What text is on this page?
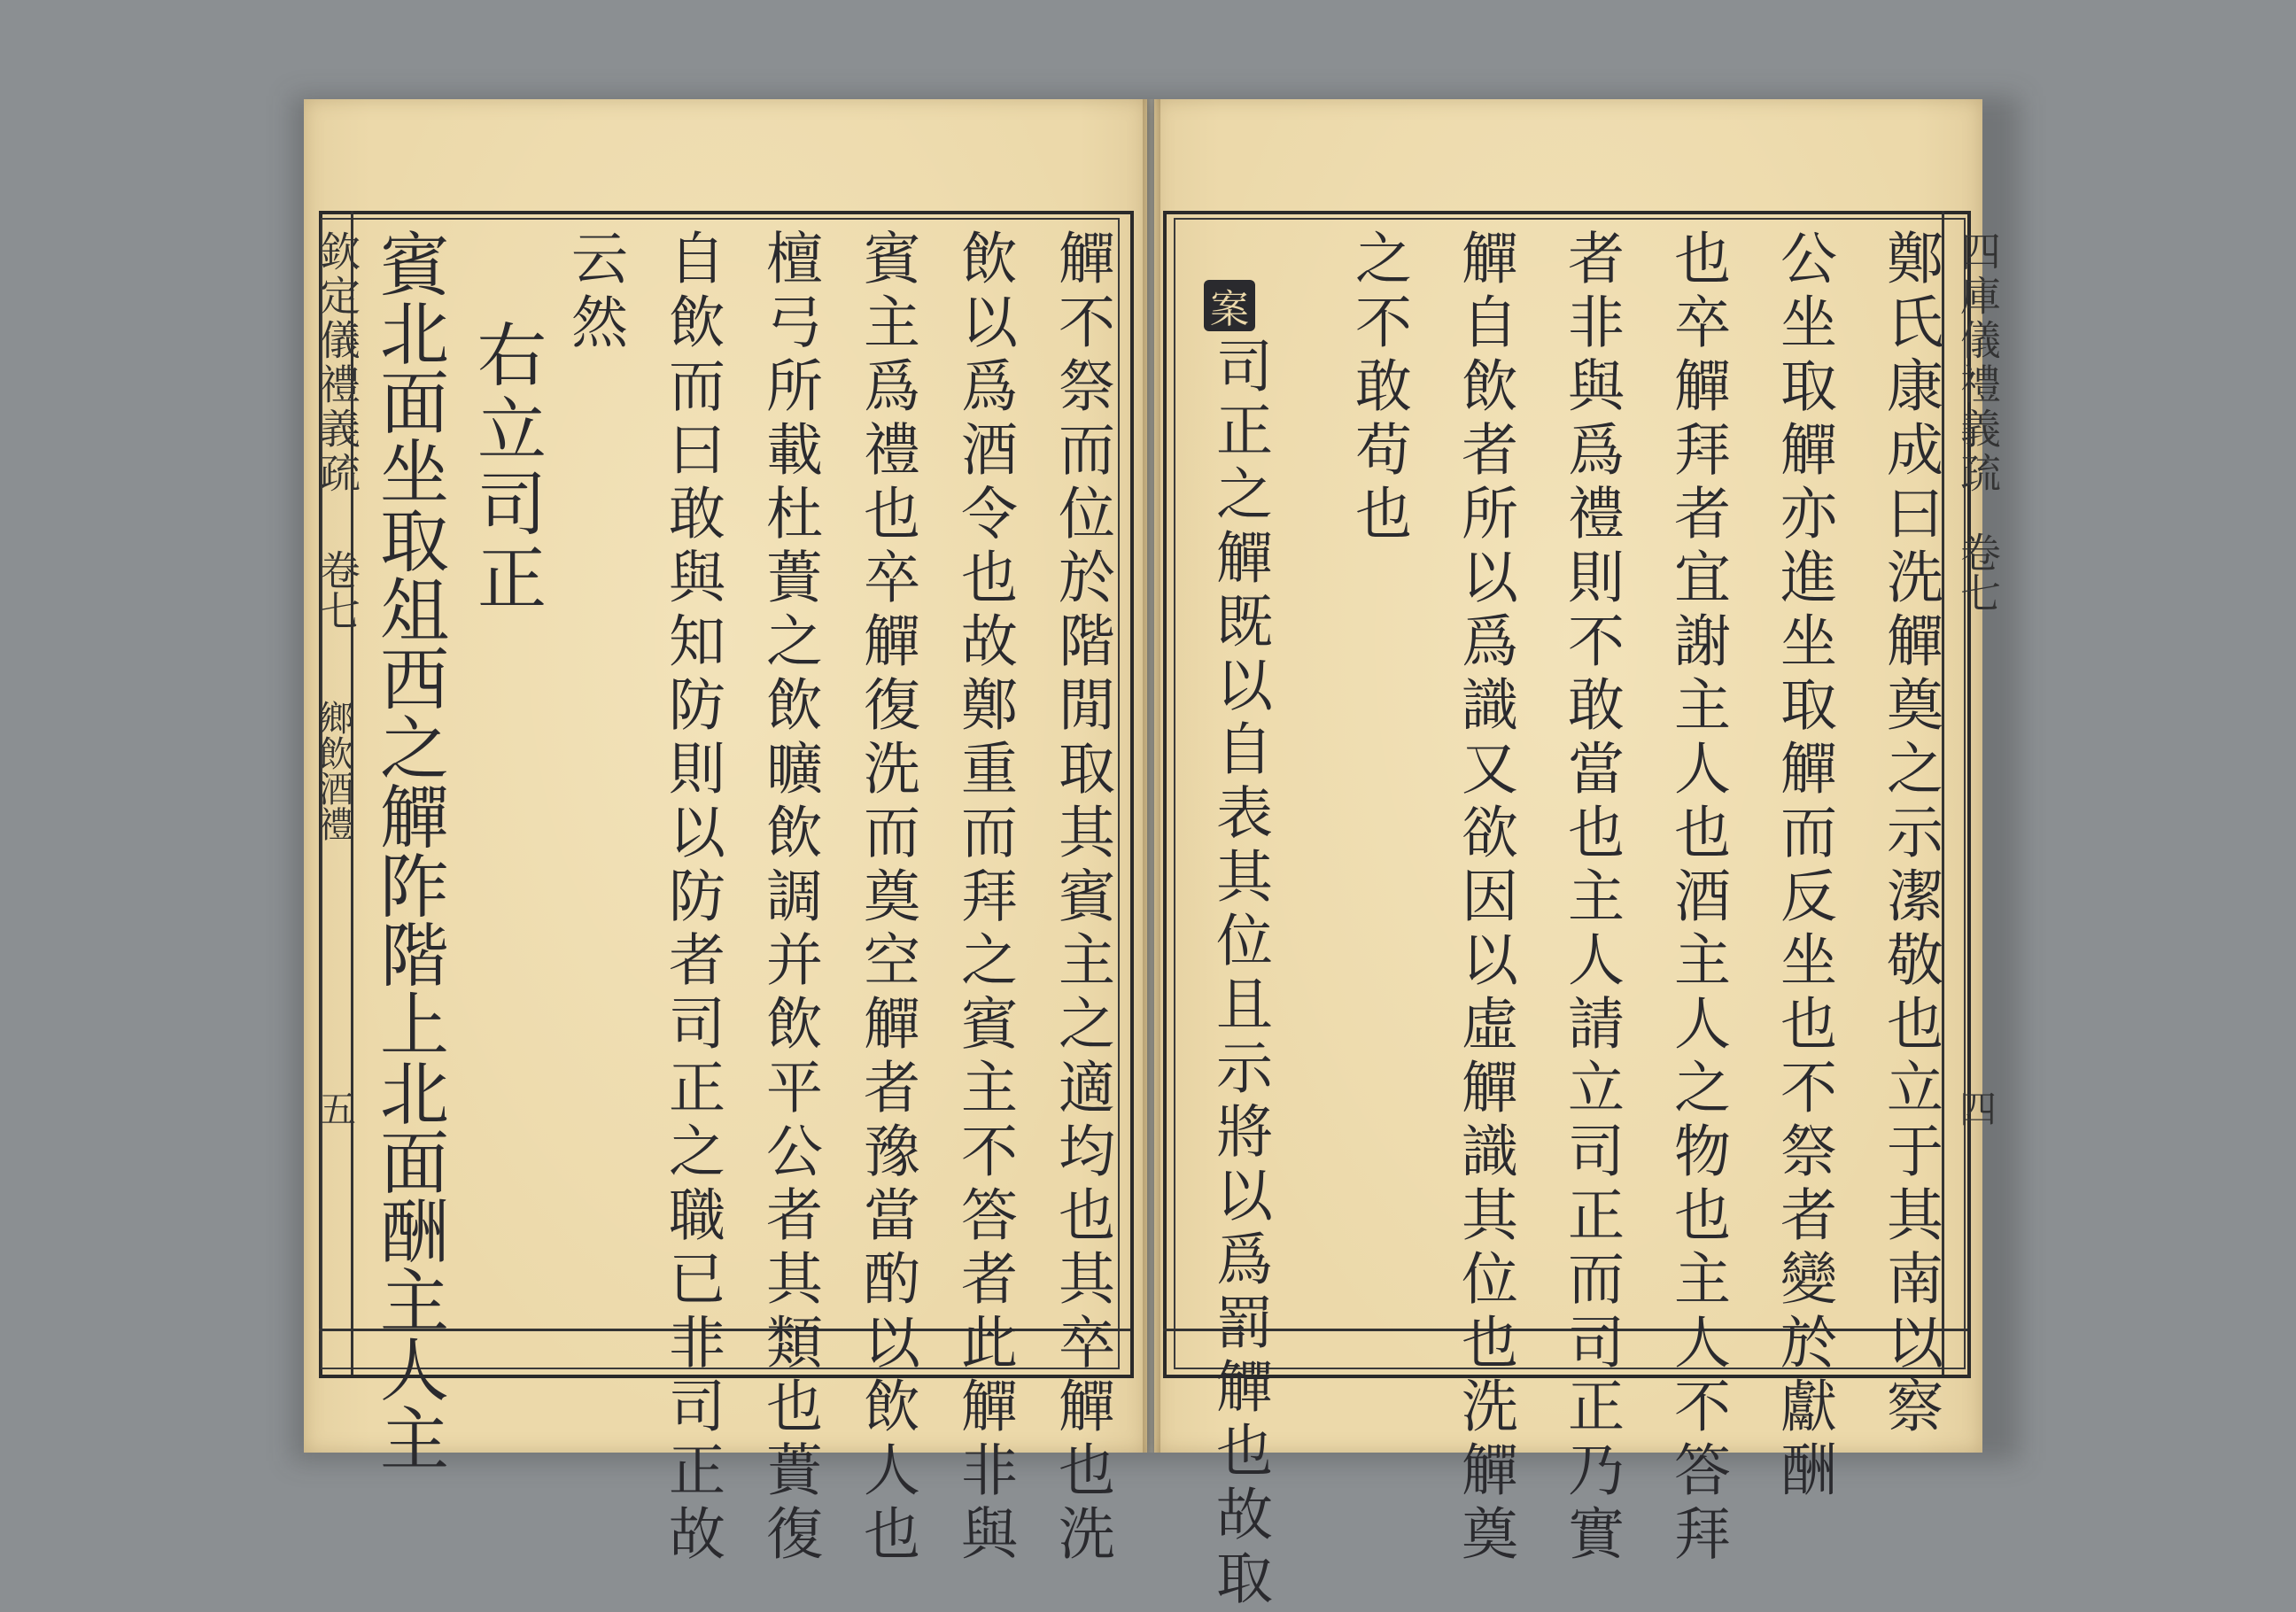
四庫儀禮義疏
卷七
四
鄭氏康成曰洗觶奠之示潔敬也立于其南以察
公坐取觶亦進坐取觶而反坐也不祭者變於獻酬
也卒觶拜者宜謝主人也酒主人之物也主人不答拜
者非與爲禮則不敢當也主人請立司正而司正乃實
觶自飲者所以爲識又欲因以虛觶識其位也洗觶奠
之不敢苟也
案
司正之觶既以自表其位且示將以爲罰觶也故取
欽定儀禮義疏
卷七
鄉飲酒禮
五	觶不祭而位於階閒取其賓主之適均也其卒觶也洗
飲以爲酒令也故鄭重而拜之賓主不答者此觶非與
賓主爲禮也卒觶復洗而奠空觶者豫當酌以飲人也
檀弓所載杜蕢之飲曠飲調并飲平公者其類也蕢復
自飲而曰敢與知防則以防者司正之職已非司正故
云然
右立司正
賓北面坐取俎西之觶阼階上北面酬主人主
